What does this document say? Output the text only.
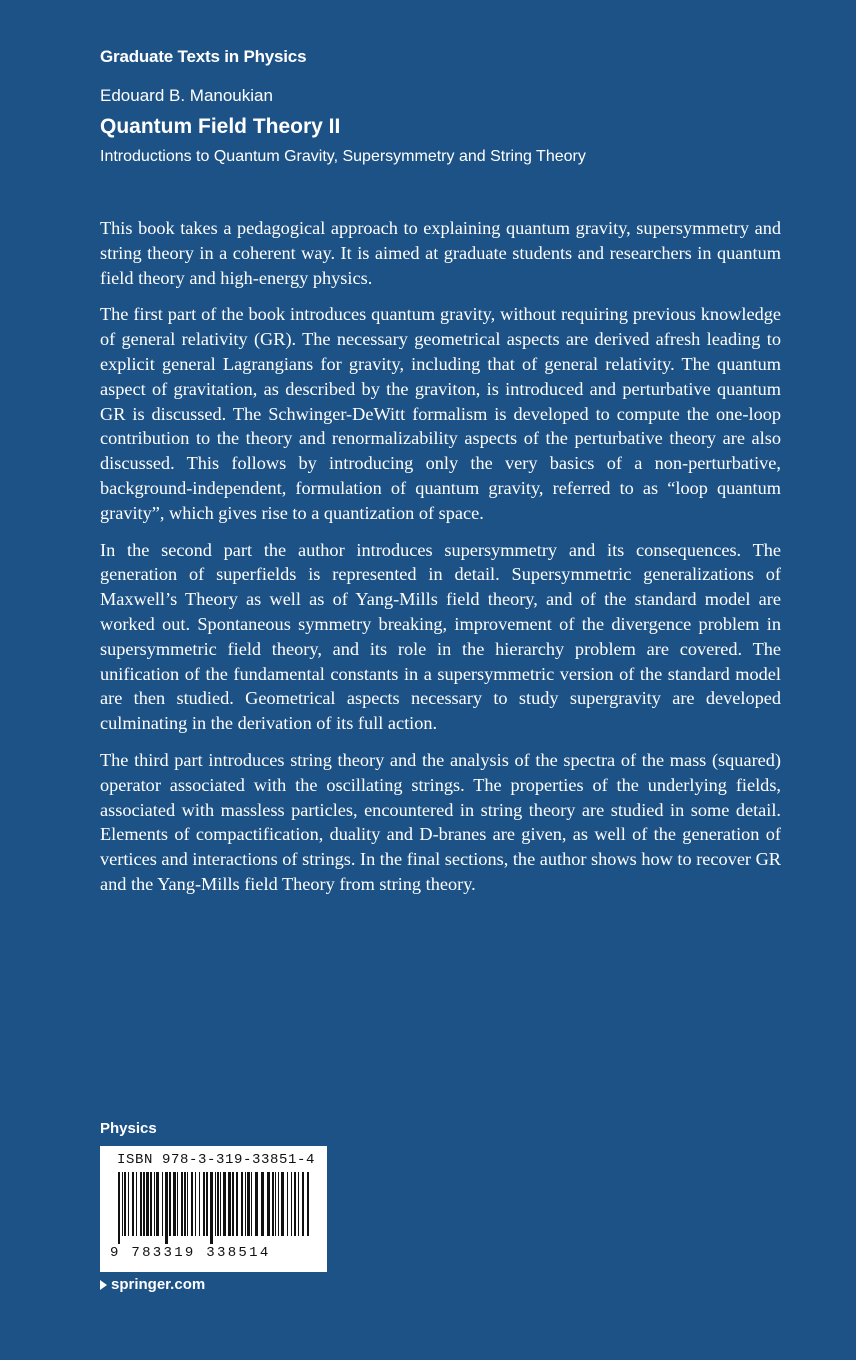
Graduate Texts in Physics
Edouard B. Manoukian
Quantum Field Theory II
Introductions to Quantum Gravity, Supersymmetry and String Theory

This book takes a pedagogical approach to explaining quantum gravity, supersymmetry and string theory in a coherent way. It is aimed at graduate students and researchers in quantum field theory and high-energy physics.

The first part of the book introduces quantum gravity, without requiring previous knowledge of general relativity (GR). The necessary geometrical aspects are derived afresh leading to explicit general Lagrangians for gravity, including that of general relativity. The quantum aspect of gravitation, as described by the graviton, is introduced and perturbative quantum GR is discussed. The Schwinger-DeWitt formalism is developed to compute the one-loop contribution to the theory and renormalizability aspects of the perturbative theory are also discussed. This follows by introducing only the very basics of a non-perturbative, background-independent, formulation of quantum gravity, referred to as “loop quantum gravity”, which gives rise to a quantization of space.

In the second part the author introduces supersymmetry and its consequences. The generation of superfields is represented in detail. Supersymmetric generalizations of Maxwell’s Theory as well as of Yang-Mills field theory, and of the standard model are worked out. Spontaneous symmetry breaking, improvement of the divergence problem in supersymmetric field theory, and its role in the hierarchy problem are covered. The unification of the fundamental constants in a supersymmetric version of the standard model are then studied. Geometrical aspects necessary to study supergravity are developed culminating in the derivation of its full action.

The third part introduces string theory and the analysis of the spectra of the mass (squared) operator associated with the oscillating strings. The properties of the underlying fields, associated with massless particles, encountered in string theory are studied in some detail. Elements of compactification, duality and D-branes are given, as well of the generation of vertices and interactions of strings. In the final sections, the author shows how to recover GR and the Yang-Mills field Theory from string theory.

Physics
ISBN 978-3-319-33851-4
9 783319 338514
springer.com
